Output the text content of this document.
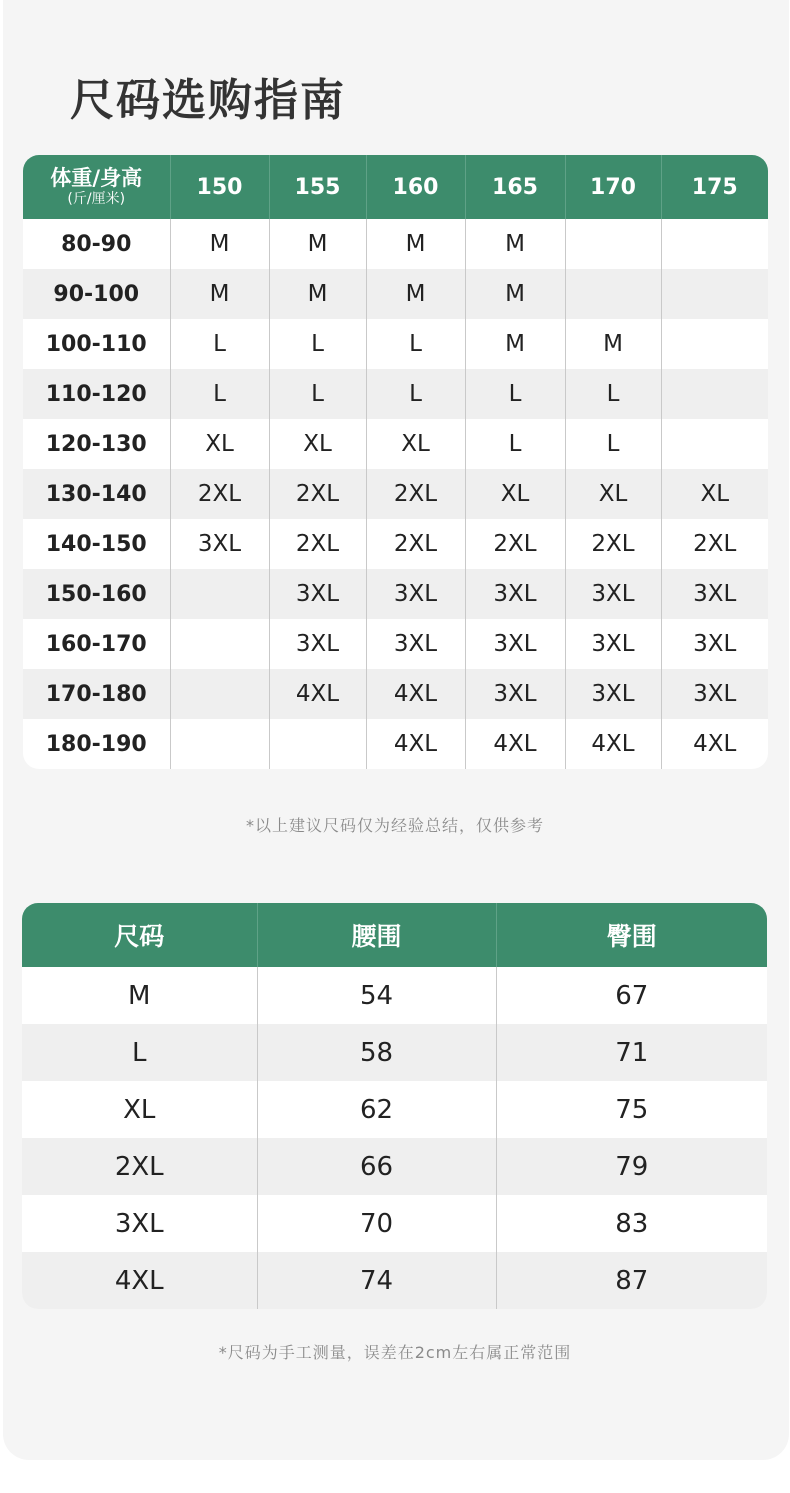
尺码选购指南
体重/身高
(斤/厘米)	150	155	160	165	170	175
80-90	M	M	M	M		
90-100	M	M	M	M		
100-110	L	L	L	M	M	
110-120	L	L	L	L	L	
120-130	XL	XL	XL	L	L	
130-140	2XL	2XL	2XL	XL	XL	XL
140-150	3XL	2XL	2XL	2XL	2XL	2XL
150-160		3XL	3XL	3XL	3XL	3XL
160-170		3XL	3XL	3XL	3XL	3XL
170-180		4XL	4XL	3XL	3XL	3XL
180-190			4XL	4XL	4XL	4XL
*以上建议尺码仅为经验总结，仅供参考
尺码	腰围	臀围
M	54	67
L	58	71
XL	62	75
2XL	66	79
3XL	70	83
4XL	74	87
*尺码为手工测量，误差在2cm左右属正常范围
